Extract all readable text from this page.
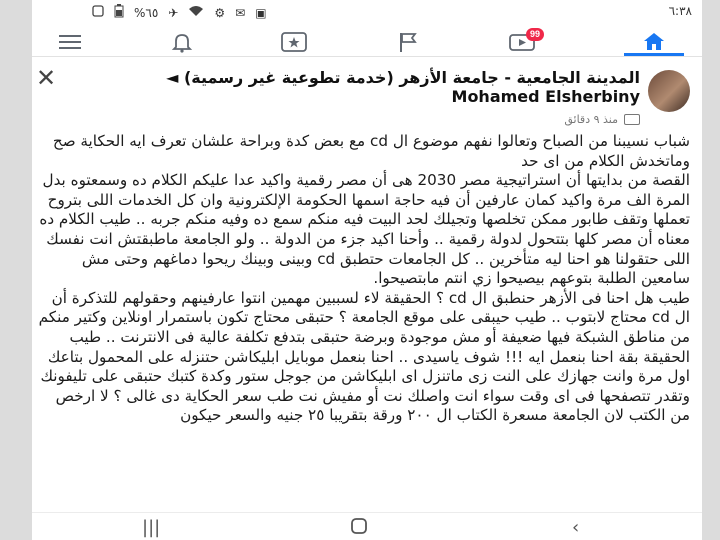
%٦٥ ✈	⚙ ✉ ▣	٦:٣٨
99
✕	المدينة الجامعية - جامعة الأزهر (خدمة تطوعية غير رسمية) ◄ Mohamed Elsherbiny
منذ ٩ دقائق

شباب نسيبنا من الصباح وتعالوا نفهم موضوع ال cd مع بعض كدة وبراحة علشان تعرف ايه الحكاية صح وماتخدش الكلام من اى حد

القصة من بدايتها أن استراتيجية مصر 2030 هى أن مصر رقمية واكيد عدا عليكم الكلام ده وسمعتوه بدل المرة الف مرة واكيد كمان عارفين أن فيه حاجة اسمها الحكومة الإلكترونية وان كل الخدمات اللى بتروح تعملها وتقف طابور ممكن تخلصها وتجيلك لحد البيت فيه منكم سمع ده وفيه منكم جربه .. طيب الكلام ده معناه أن مصر كلها بتتحول لدولة رقمية .. وأحنا اكيد جزء من الدولة .. ولو الجامعة ماطبقتش انت نفسك اللى حتقولنا هو احنا ليه متأخرين .. كل الجامعات حتطبق cd وبينى وبينك ريحوا دماغهم وحتى مش سامعين الطلبة بتوعهم بيصيحوا زي انتم مابتصيحوا.

طيب هل احنا فى الأزهر حنطبق ال cd ؟ الحقيقة لاء لسببين مهمين انتوا عارفينهم وحقولهم للتذكرة أن ال cd محتاج لابتوب .. طيب حيبقى على موقع الجامعة ؟ حتبقى محتاج تكون باستمرار اونلاين وكتير منكم من مناطق الشبكة فيها ضعيفة أو مش موجودة وبرضة حتبقى بتدفع تكلفة عالية فى الانترنت .. طيب الحقيقة بقة احنا بنعمل ايه !!! شوف ياسيدى .. احنا بنعمل موبايل ابليكاشن حتنزله على المحمول بتاعك اول مرة وانت جهازك على النت زى ماتنزل اى ابليكاشن من جوجل ستور وكدة كتبك حتبقى على تليفونك وتقدر تتصفحها فى اى وقت سواء انت واصلك نت أو مفيش نت طب سعر الحكاية دى غالى ؟ لا ارخص من الكتب لان الجامعة مسعرة الكتاب ال ٢٠٠ ورقة بتقريبا ٢٥ جنيه والسعر حيكون

|||	‹
